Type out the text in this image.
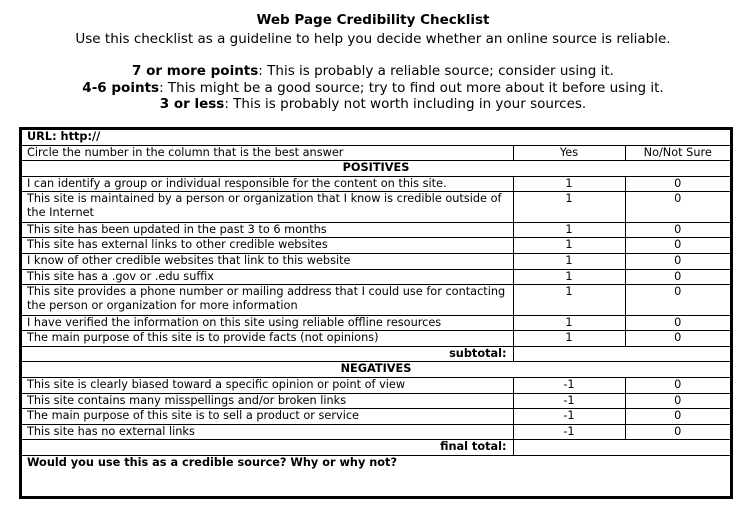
Web Page Credibility Checklist
Use this checklist as a guideline to help you decide whether an online source is reliable.
7 or more points: This is probably a reliable source; consider using it.
4-6 points: This might be a good source; try to find out more about it before using it.
3 or less: This is probably not worth including in your sources.
URL: http://		
Circle the number in the column that is the best answer	Yes	No/Not Sure
POSITIVES		
I can identify a group or individual responsible for the content on this site.	1	0
This site is maintained by a person or organization that I know is credible outside of the Internet	1	0
This site has been updated in the past 3 to 6 months	1	0
This site has external links to other credible websites	1	0
I know of other credible websites that link to this website	1	0
This site has a .gov or .edu suffix	1	0
This site provides a phone number or mailing address that I could use for contacting the person or organization for more information	1	0
I have verified the information on this site using reliable offline resources	1	0
The main purpose of this site is to provide facts (not opinions)	1	0
subtotal:		
NEGATIVES		
This site is clearly biased toward a specific opinion or point of view	-1	0
This site contains many misspellings and/or broken links	-1	0
The main purpose of this site is to sell a product or service	-1	0
This site has no external links	-1	0
final total:		
Would you use this as a credible source? Why or why not?		
